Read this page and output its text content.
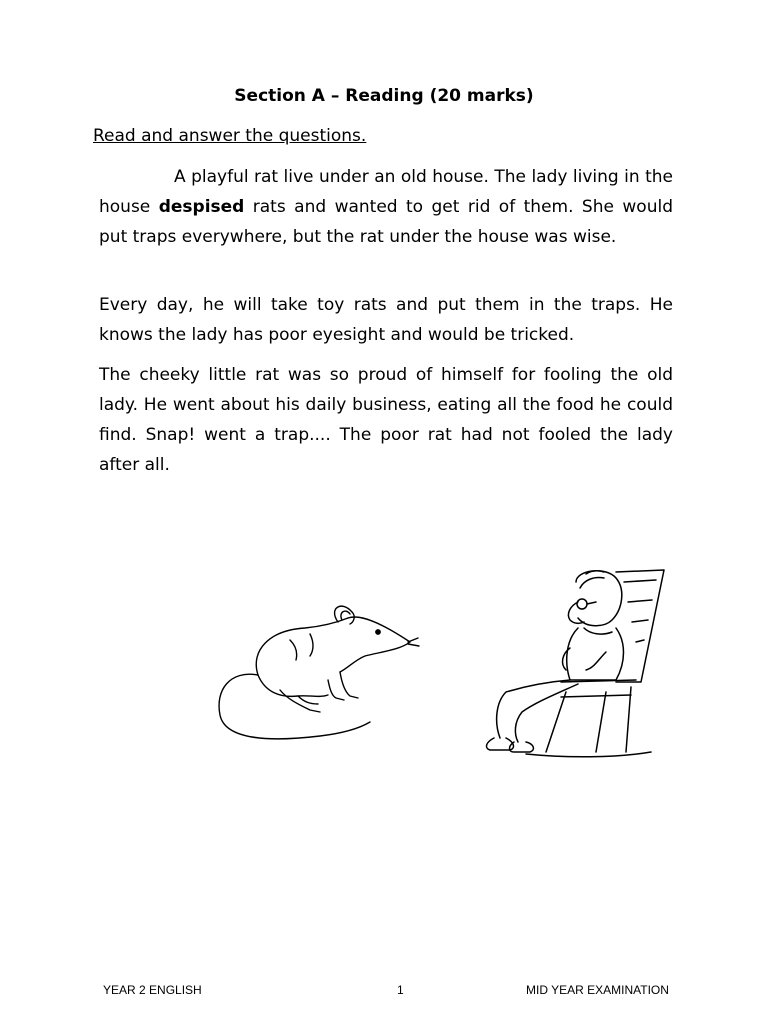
Section A – Reading (20 marks)
Read and answer the questions.

A playful rat live under an old house. The lady living in the house despised rats and wanted to get rid of them. She would put traps everywhere, but the rat under the house was wise.

Every day, he will take toy rats and put them in the traps. He knows the lady has poor eyesight and would be tricked.

The cheeky little rat was so proud of himself for fooling the old lady. He went about his daily business, eating all the food he could find. Snap! went a trap.... The poor rat had not fooled the lady after all.

YEAR 2 ENGLISH	1	MID YEAR EXAMINATION
